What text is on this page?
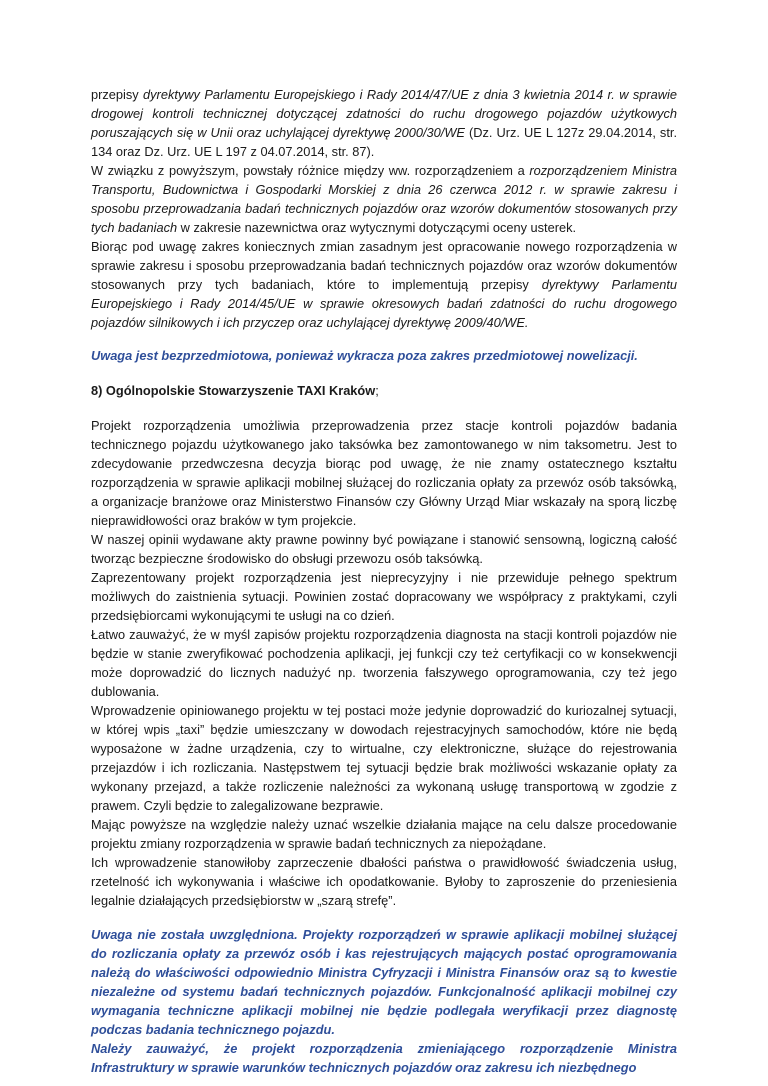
przepisy dyrektywy Parlamentu Europejskiego i Rady 2014/47/UE z dnia 3 kwietnia 2014 r. w sprawie drogowej kontroli technicznej dotyczącej zdatności do ruchu drogowego pojazdów użytkowych poruszających się w Unii oraz uchylającej dyrektywę 2000/30/WE (Dz. Urz. UE L 127z 29.04.2014, str. 134 oraz Dz. Urz. UE L 197 z 04.07.2014, str. 87).

W związku z powyższym, powstały różnice między ww. rozporządzeniem a rozporządzeniem Ministra Transportu, Budownictwa i Gospodarki Morskiej z dnia 26 czerwca 2012 r. w sprawie zakresu i sposobu przeprowadzania badań technicznych pojazdów oraz wzorów dokumentów stosowanych przy tych badaniach w zakresie nazewnictwa oraz wytycznymi dotyczącymi oceny usterek.

Biorąc pod uwagę zakres koniecznych zmian zasadnym jest opracowanie nowego rozporządzenia w sprawie zakresu i sposobu przeprowadzania badań technicznych pojazdów oraz wzorów dokumentów stosowanych przy tych badaniach, które to implementują przepisy dyrektywy Parlamentu Europejskiego i Rady 2014/45/UE w sprawie okresowych badań zdatności do ruchu drogowego pojazdów silnikowych i ich przyczep oraz uchylającej dyrektywę 2009/40/WE.

Uwaga jest bezprzedmiotowa, ponieważ wykracza poza zakres przedmiotowej nowelizacji.

8) Ogólnopolskie Stowarzyszenie TAXI Kraków;

Projekt rozporządzenia umożliwia przeprowadzenia przez stacje kontroli pojazdów badania technicznego pojazdu użytkowanego jako taksówka bez zamontowanego w nim taksometru. Jest to zdecydowanie przedwczesna decyzja biorąc pod uwagę, że nie znamy ostatecznego kształtu rozporządzenia w sprawie aplikacji mobilnej służącej do rozliczania opłaty za przewóz osób taksówką, a organizacje branżowe oraz Ministerstwo Finansów czy Główny Urząd Miar wskazały na sporą liczbę nieprawidłowości oraz braków w tym projekcie.

W naszej opinii wydawane akty prawne powinny być powiązane i stanowić sensowną, logiczną całość tworząc bezpieczne środowisko do obsługi przewozu osób taksówką.

Zaprezentowany projekt rozporządzenia jest nieprecyzyjny i nie przewiduje pełnego spektrum możliwych do zaistnienia sytuacji. Powinien zostać dopracowany we współpracy z praktykami, czyli przedsiębiorcami wykonującymi te usługi na co dzień.

Łatwo zauważyć, że w myśl zapisów projektu rozporządzenia diagnosta na stacji kontroli pojazdów nie będzie w stanie zweryfikować pochodzenia aplikacji, jej funkcji czy też certyfikacji co w konsekwencji może doprowadzić do licznych nadużyć np. tworzenia fałszywego oprogramowania, czy też jego dublowania.

Wprowadzenie opiniowanego projektu w tej postaci może jedynie doprowadzić do kuriozalnej sytuacji, w której wpis „taxi” będzie umieszczany w dowodach rejestracyjnych samochodów, które nie będą wyposażone w żadne urządzenia, czy to wirtualne, czy elektroniczne, służące do rejestrowania przejazdów i ich rozliczania. Następstwem tej sytuacji będzie brak możliwości wskazanie opłaty za wykonany przejazd, a także rozliczenie należności za wykonaną usługę transportową w zgodzie z prawem. Czyli będzie to zalegalizowane bezprawie.

Mając powyższe na względzie należy uznać wszelkie działania mające na celu dalsze procedowanie projektu zmiany rozporządzenia w sprawie badań technicznych za niepożądane.

Ich wprowadzenie stanowiłoby zaprzeczenie dbałości państwa o prawidłowość świadczenia usług, rzetelność ich wykonywania i właściwe ich opodatkowanie. Byłoby to zaproszenie do przeniesienia legalnie działających przedsiębiorstw w „szarą strefę”.

Uwaga nie została uwzględniona. Projekty rozporządzeń w sprawie aplikacji mobilnej służącej do rozliczania opłaty za przewóz osób i kas rejestrujących mających postać oprogramowania należą do właściwości odpowiednio Ministra Cyfryzacji i Ministra Finansów oraz są to kwestie niezależne od systemu badań technicznych pojazdów. Funkcjonalność aplikacji mobilnej czy wymagania techniczne aplikacji mobilnej nie będzie podlegała weryfikacji przez diagnostę podczas badania technicznego pojazdu.

Należy zauważyć, że projekt rozporządzenia zmieniającego rozporządzenie Ministra Infrastruktury w sprawie warunków technicznych pojazdów oraz zakresu ich niezbędnego
